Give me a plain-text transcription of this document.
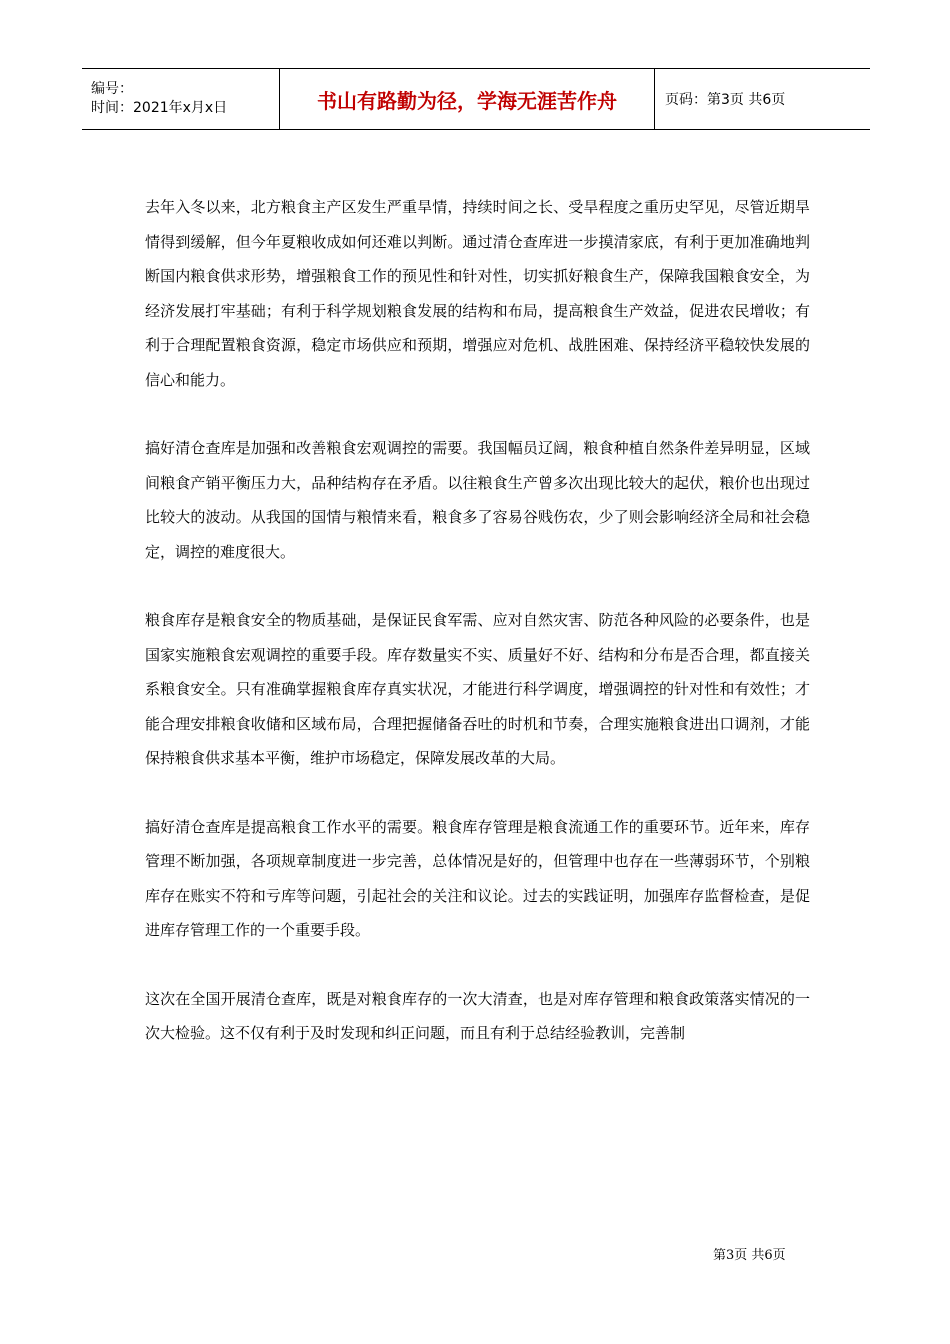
编号：
时间：2021年x月x日	书山有路勤为径，学海无涯苦作舟	页码：第3页 共6页

去年入冬以来，北方粮食主产区发生严重旱情，持续时间之长、受旱程度之重历史罕见，尽管近期旱情得到缓解，但今年夏粮收成如何还难以判断。通过清仓查库进一步摸清家底，有利于更加准确地判断国内粮食供求形势，增强粮食工作的预见性和针对性，切实抓好粮食生产，保障我国粮食安全，为经济发展打牢基础；有利于科学规划粮食发展的结构和布局，提高粮食生产效益，促进农民增收；有利于合理配置粮食资源，稳定市场供应和预期，增强应对危机、战胜困难、保持经济平稳较快发展的信心和能力。

搞好清仓查库是加强和改善粮食宏观调控的需要。我国幅员辽阔，粮食种植自然条件差异明显，区域间粮食产销平衡压力大，品种结构存在矛盾。以往粮食生产曾多次出现比较大的起伏，粮价也出现过比较大的波动。从我国的国情与粮情来看，粮食多了容易谷贱伤农，少了则会影响经济全局和社会稳定，调控的难度很大。

粮食库存是粮食安全的物质基础，是保证民食军需、应对自然灾害、防范各种风险的必要条件，也是国家实施粮食宏观调控的重要手段。库存数量实不实、质量好不好、结构和分布是否合理，都直接关系粮食安全。只有准确掌握粮食库存真实状况，才能进行科学调度，增强调控的针对性和有效性；才能合理安排粮食收储和区域布局，合理把握储备吞吐的时机和节奏，合理实施粮食进出口调剂，才能保持粮食供求基本平衡，维护市场稳定，保障发展改革的大局。

搞好清仓查库是提高粮食工作水平的需要。粮食库存管理是粮食流通工作的重要环节。近年来，库存管理不断加强，各项规章制度进一步完善，总体情况是好的，但管理中也存在一些薄弱环节，个别粮库存在账实不符和亏库等问题，引起社会的关注和议论。过去的实践证明，加强库存监督检查，是促进库存管理工作的一个重要手段。

这次在全国开展清仓查库，既是对粮食库存的一次大清查，也是对库存管理和粮食政策落实情况的一次大检验。这不仅有利于及时发现和纠正问题，而且有利于总结经验教训，完善制

第3页 共6页
